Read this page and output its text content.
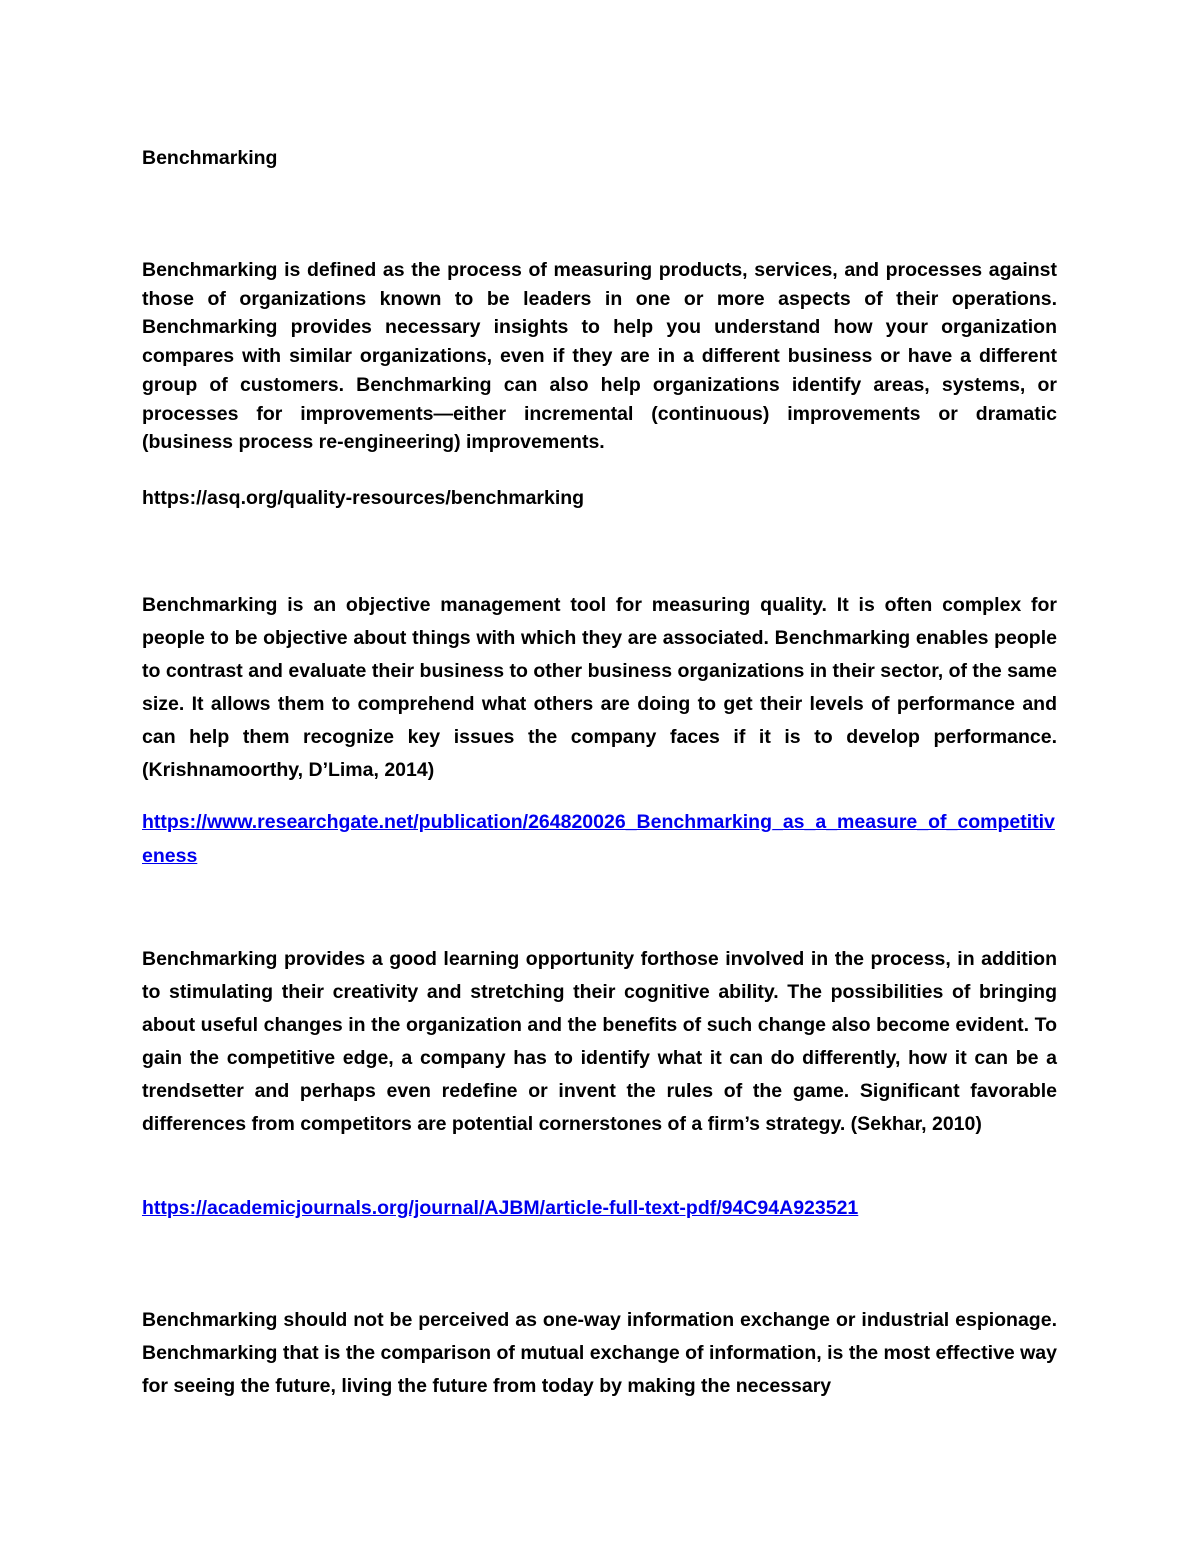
Benchmarking

Benchmarking is defined as the process of measuring products, services, and processes against those of organizations known to be leaders in one or more aspects of their operations. Benchmarking provides necessary insights to help you understand how your organization compares with similar organizations, even if they are in a different business or have a different group of customers. Benchmarking can also help organizations identify areas, systems, or processes for improvements—either incremental (continuous) improvements or dramatic (business process re-engineering) improvements.

https://asq.org/quality-resources/benchmarking

Benchmarking is an objective management tool for measuring quality. It is often complex for people to be objective about things with which they are associated. Benchmarking enables people to contrast and evaluate their business to other business organizations in their sector, of the same size. It allows them to comprehend what others are doing to get their levels of performance and can help them recognize key issues the company faces if it is to develop performance. (Krishnamoorthy, D’Lima, 2014)

https://www.researchgate.net/publication/264820026_Benchmarking_as_a_measure_of_competitiveness

Benchmarking provides a good learning opportunity forthose involved in the process, in addition to stimulating their creativity and stretching their cognitive ability. The possibilities of bringing about useful changes in the organization and the benefits of such change also become evident. To gain the competitive edge, a company has to identify what it can do differently, how it can be a trendsetter and perhaps even redefine or invent the rules of the game. Significant favorable differences from competitors are potential cornerstones of a firm’s strategy. (Sekhar, 2010)

https://academicjournals.org/journal/AJBM/article-full-text-pdf/94C94A923521

Benchmarking should not be perceived as one-way information exchange or industrial espionage. Benchmarking that is the comparison of mutual exchange of information, is the most effective way for seeing the future, living the future from today by making the necessary
